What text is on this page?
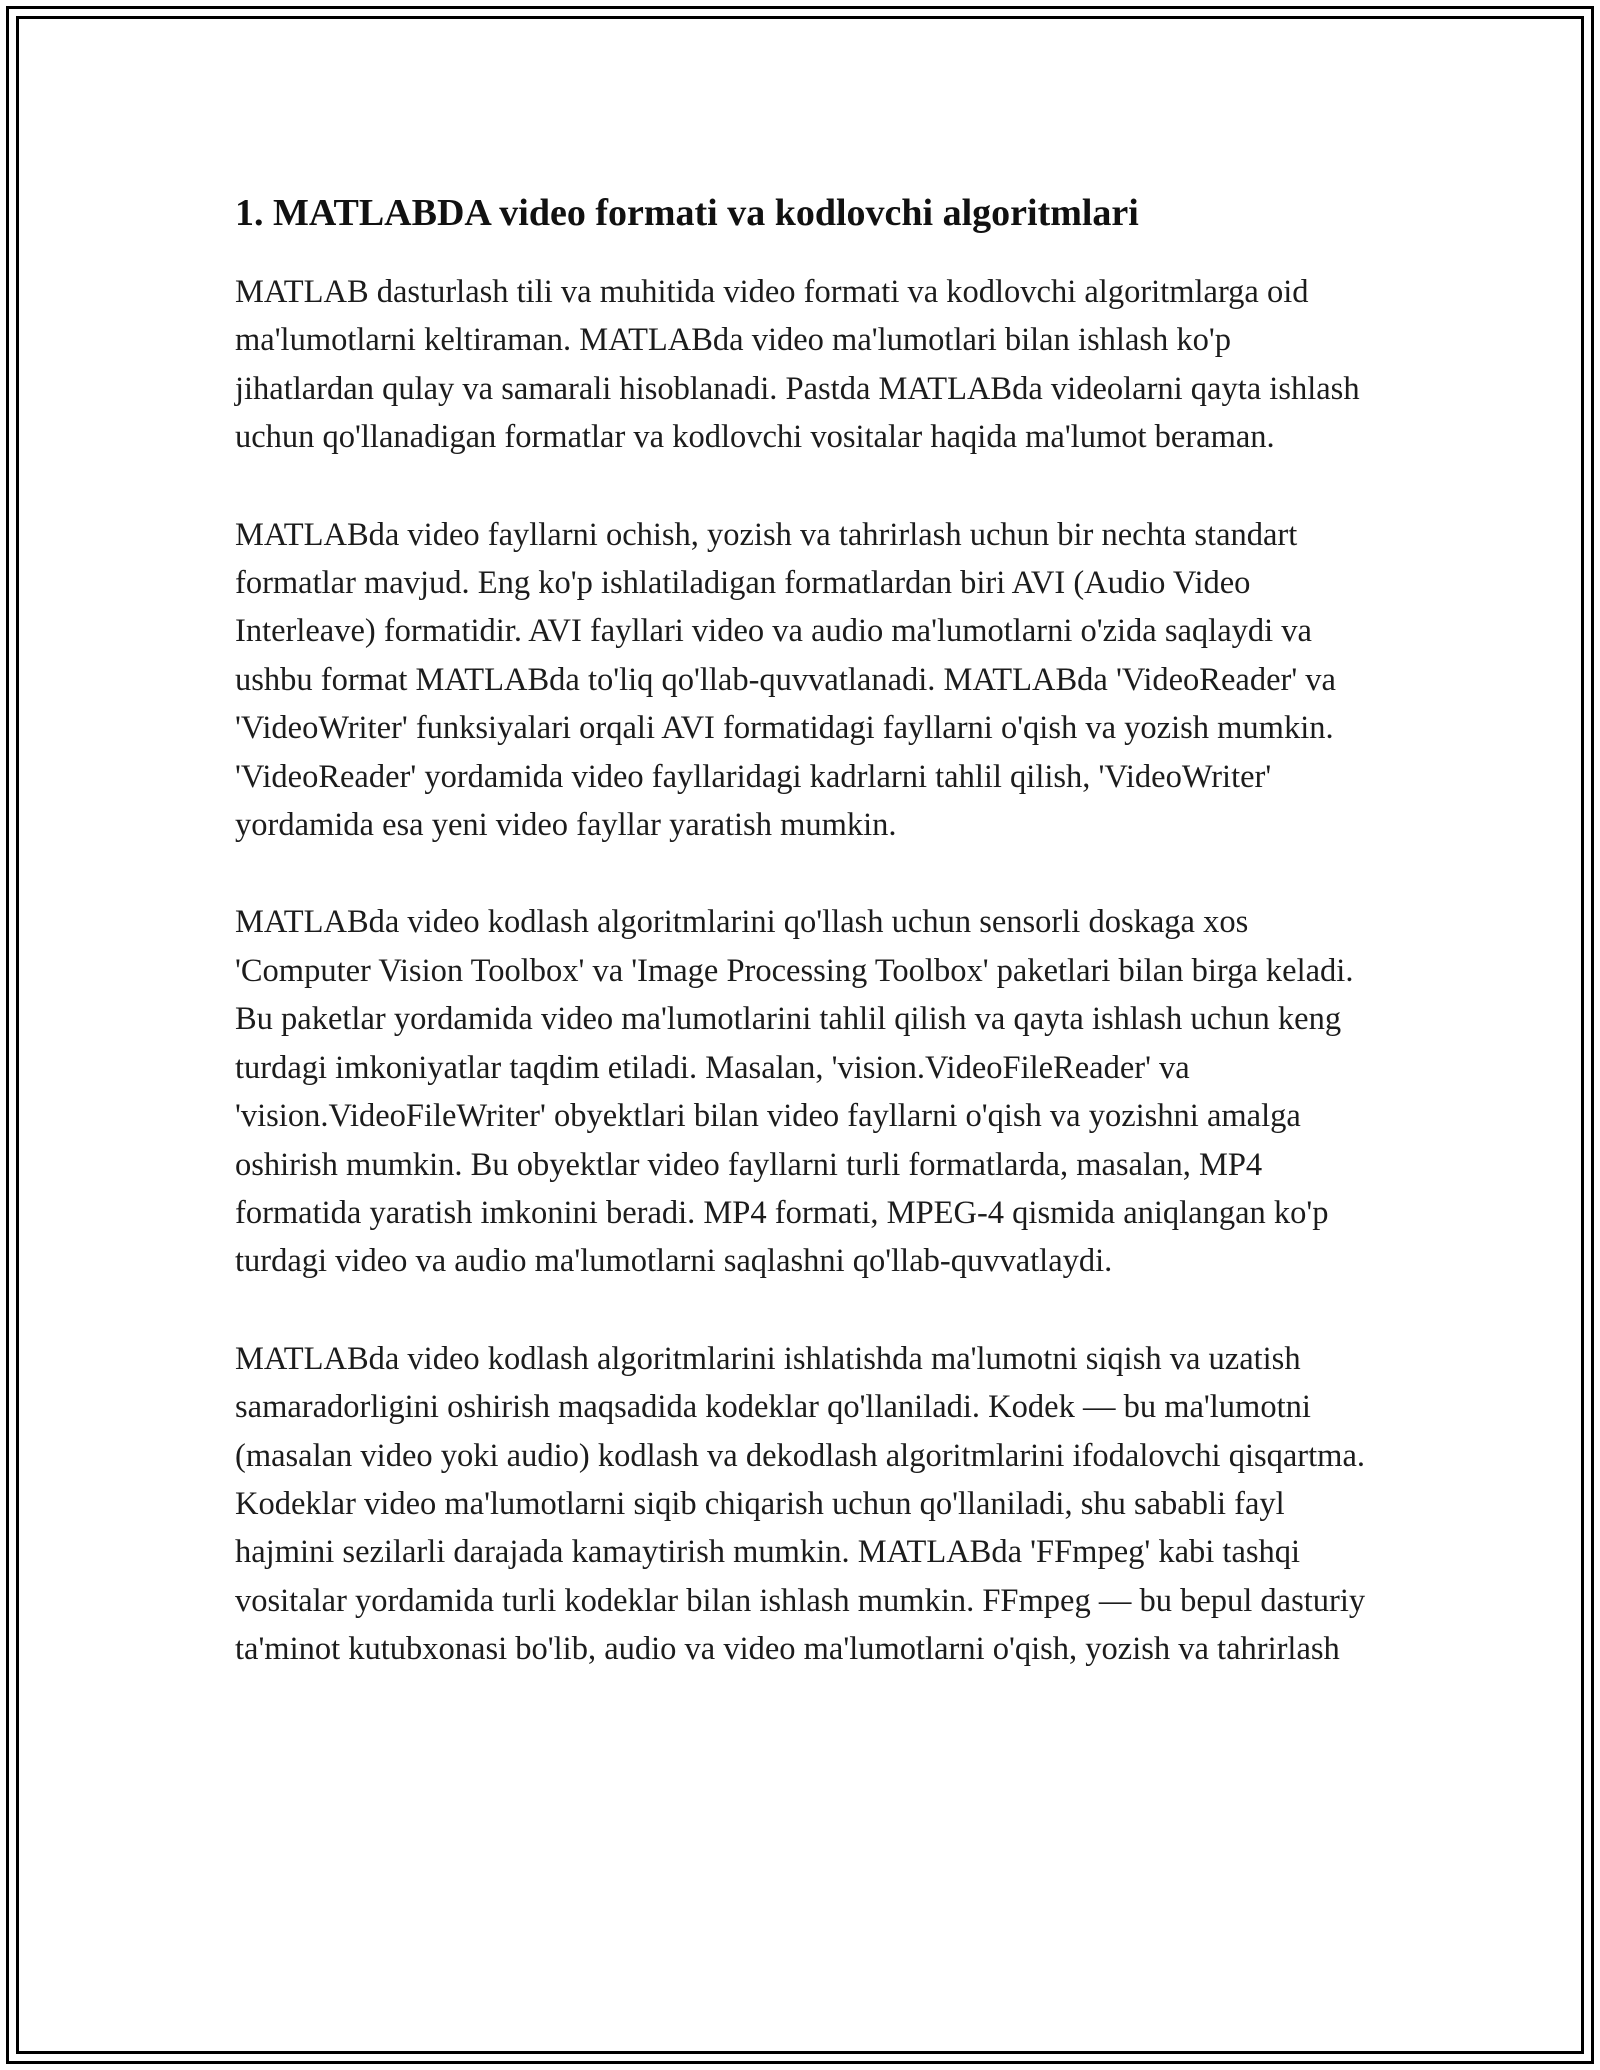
1. MATLABDA video formati va kodlovchi algoritmlari

MATLAB dasturlash tili va muhitida video formati va kodlovchi algoritmlarga oid ma'lumotlarni keltiraman. MATLABda video ma'lumotlari bilan ishlash ko'p jihatlardan qulay va samarali hisoblanadi. Pastda MATLABda videolarni qayta ishlash uchun qo'llanadigan formatlar va kodlovchi vositalar haqida ma'lumot beraman.

MATLABda video fayllarni ochish, yozish va tahrirlash uchun bir nechta standart formatlar mavjud. Eng ko'p ishlatiladigan formatlardan biri AVI (Audio Video Interleave) formatidir. AVI fayllari video va audio ma'lumotlarni o'zida saqlaydi va ushbu format MATLABda to'liq qo'llab-quvvatlanadi. MATLABda 'VideoReader' va 'VideoWriter' funksiyalari orqali AVI formatidagi fayllarni o'qish va yozish mumkin. 'VideoReader' yordamida video fayllaridagi kadrlarni tahlil qilish, 'VideoWriter' yordamida esa yeni video fayllar yaratish mumkin.

MATLABda video kodlash algoritmlarini qo'llash uchun sensorli doskaga xos 'Computer Vision Toolbox' va 'Image Processing Toolbox' paketlari bilan birga keladi. Bu paketlar yordamida video ma'lumotlarini tahlil qilish va qayta ishlash uchun keng turdagi imkoniyatlar taqdim etiladi. Masalan, 'vision.VideoFileReader' va 'vision.VideoFileWriter' obyektlari bilan video fayllarni o'qish va yozishni amalga oshirish mumkin. Bu obyektlar video fayllarni turli formatlarda, masalan, MP4 formatida yaratish imkonini beradi. MP4 formati, MPEG-4 qismida aniqlangan ko'p turdagi video va audio ma'lumotlarni saqlashni qo'llab-quvvatlaydi.

MATLABda video kodlash algoritmlarini ishlatishda ma'lumotni siqish va uzatish samaradorligini oshirish maqsadida kodeklar qo'llaniladi. Kodek — bu ma'lumotni (masalan video yoki audio) kodlash va dekodlash algoritmlarini ifodalovchi qisqartma. Kodeklar video ma'lumotlarni siqib chiqarish uchun qo'llaniladi, shu sababli fayl hajmini sezilarli darajada kamaytirish mumkin. MATLABda 'FFmpeg' kabi tashqi vositalar yordamida turli kodeklar bilan ishlash mumkin. FFmpeg — bu bepul dasturiy ta'minot kutubxonasi bo'lib, audio va video ma'lumotlarni o'qish, yozish va tahrirlash
